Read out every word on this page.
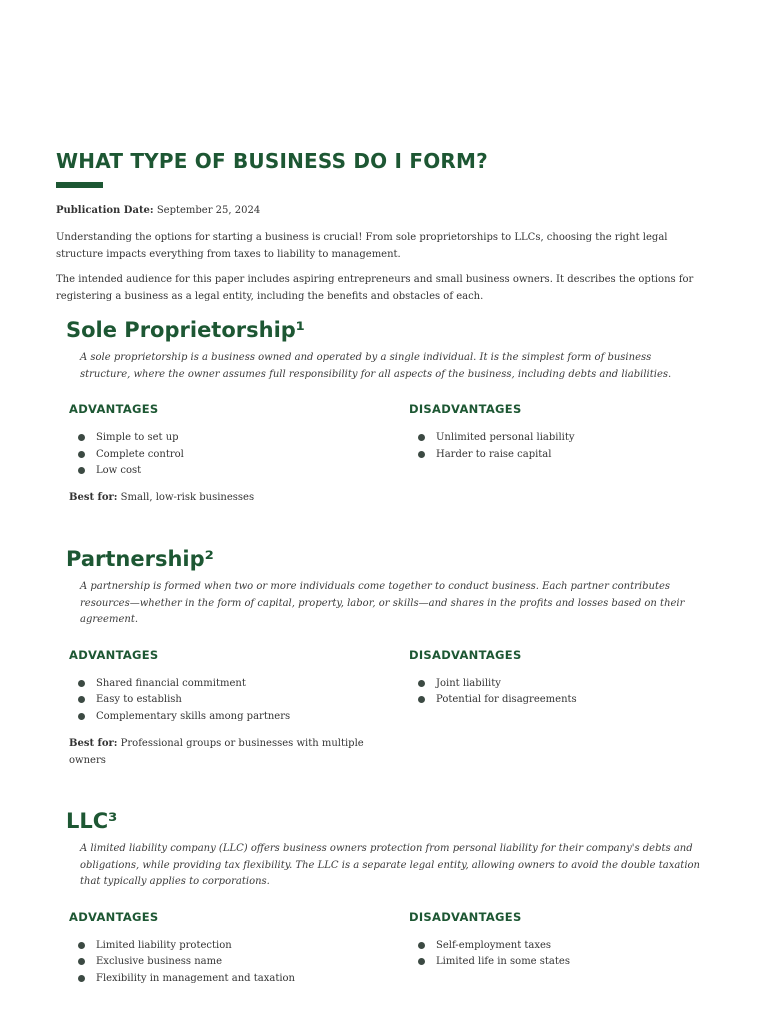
WHAT TYPE OF BUSINESS DO I FORM?
Publication Date: September 25, 2024

Understanding the options for starting a business is crucial! From sole proprietorships to LLCs, choosing the right legal structure impacts everything from taxes to liability to management.

The intended audience for this paper includes aspiring entrepreneurs and small business owners. It describes the options for registering a business as a legal entity, including the benefits and obstacles of each.

Sole Proprietorship¹

A sole proprietorship is a business owned and operated by a single individual. It is the simplest form of business structure, where the owner assumes full responsibility for all aspects of the business, including debts and liabilities.

ADVANTAGES
Simple to set up
Complete control
Low cost

Best for: Small, low-risk businesses

DISADVANTAGES
Unlimited personal liability
Harder to raise capital
Partnership²

A partnership is formed when two or more individuals come together to conduct business. Each partner contributes resources—whether in the form of capital, property, labor, or skills—and shares in the profits and losses based on their agreement.

ADVANTAGES
Shared financial commitment
Easy to establish
Complementary skills among partners

Best for: Professional groups or businesses with multiple owners

DISADVANTAGES
Joint liability
Potential for disagreements
LLC³

A limited liability company (LLC) offers business owners protection from personal liability for their company's debts and obligations, while providing tax flexibility. The LLC is a separate legal entity, allowing owners to avoid the double taxation that typically applies to corporations.

ADVANTAGES
Limited liability protection
Exclusive business name
Flexibility in management and taxation
DISADVANTAGES
Self-employment taxes
Limited life in some states
